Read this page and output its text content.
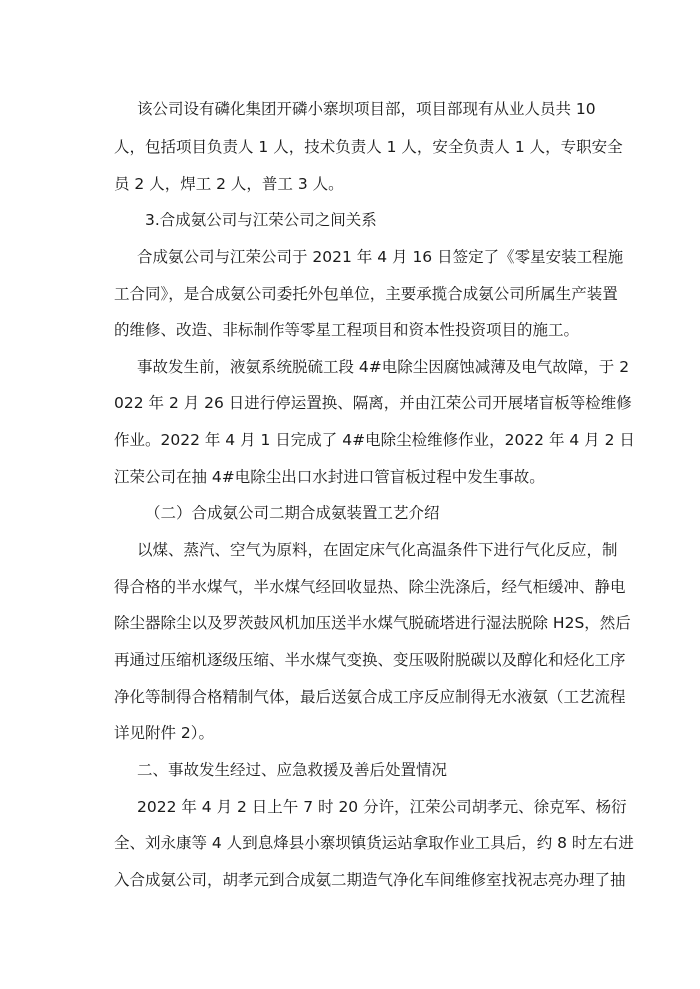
该公司设有磷化集团开磷小寨坝项目部，项目部现有从业人员共 10

人，包括项目负责人 1 人，技术负责人 1 人，安全负责人 1 人，专职安全

员 2 人，焊工 2 人，普工 3 人。

3.合成氨公司与江荣公司之间关系

合成氨公司与江荣公司于 2021 年 4 月 16 日签定了《零星安装工程施

工合同》，是合成氨公司委托外包单位，主要承揽合成氨公司所属生产装置

的维修、改造、非标制作等零星工程项目和资本性投资项目的施工。

事故发生前，液氨系统脱硫工段 4#电除尘因腐蚀减薄及电气故障，于 2

022 年 2 月 26 日进行停运置换、隔离，并由江荣公司开展堵盲板等检维修

作业。2022 年 4 月 1 日完成了 4#电除尘检维修作业，2022 年 4 月 2 日

江荣公司在抽 4#电除尘出口水封进口管盲板过程中发生事故。

（二）合成氨公司二期合成氨装置工艺介绍

以煤、蒸汽、空气为原料，在固定床气化高温条件下进行气化反应，制

得合格的半水煤气，半水煤气经回收显热、除尘洗涤后，经气柜缓冲、静电

除尘器除尘以及罗茨鼓风机加压送半水煤气脱硫塔进行湿法脱除 H2S，然后

再通过压缩机逐级压缩、半水煤气变换、变压吸附脱碳以及醇化和烃化工序

净化等制得合格精制气体，最后送氨合成工序反应制得无水液氨（工艺流程

详见附件 2）。

二、事故发生经过、应急救援及善后处置情况

2022 年 4 月 2 日上午 7 时 20 分许，江荣公司胡孝元、徐克军、杨衍

全、刘永康等 4 人到息烽县小寨坝镇货运站拿取作业工具后，约 8 时左右进

入合成氨公司，胡孝元到合成氨二期造气净化车间维修室找祝志亮办理了抽
